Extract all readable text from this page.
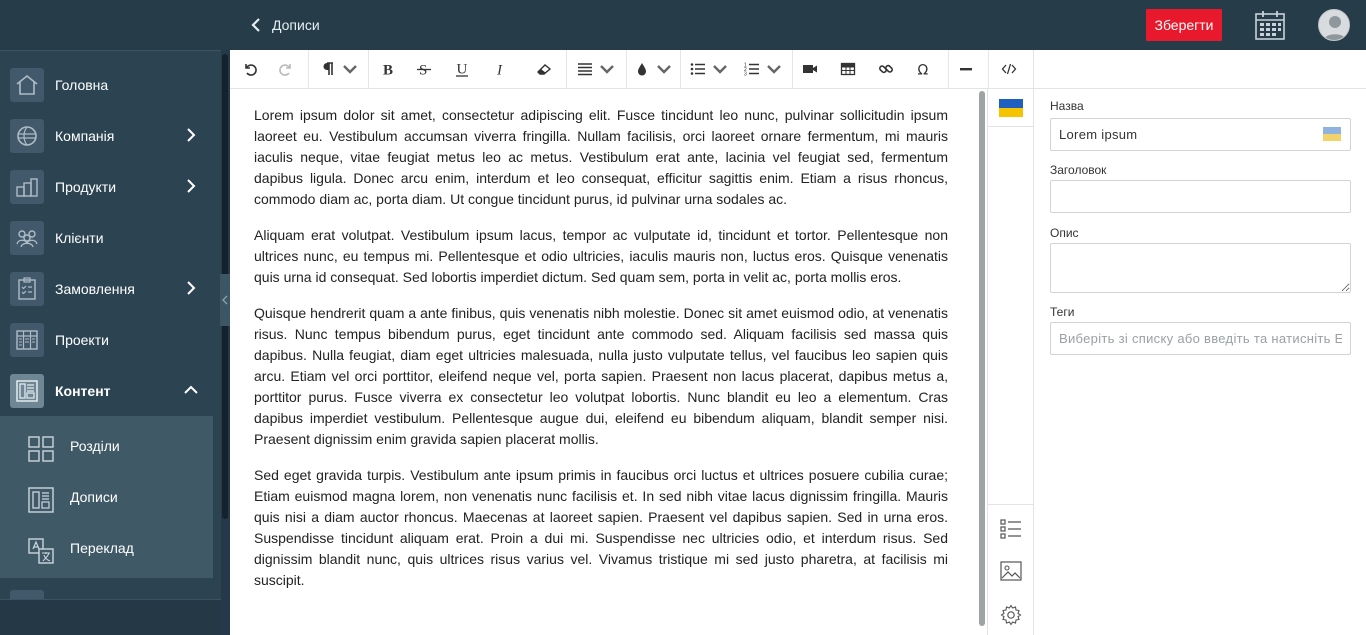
Дописи	Зберегти
Головна
Компанія
Продукти
Клієнти
Замовлення
Проекти
Контент
Розділи
Дописи
Переклад
B S U I	1
2
3	Ω

Lorem ipsum dolor sit amet, consectetur adipiscing elit. Fusce tincidunt leo nunc, pulvinar sollicitudin ipsum laoreet eu. Vestibulum accumsan viverra fringilla. Nullam facilisis, orci laoreet ornare fermentum, mi mauris iaculis neque, vitae feugiat metus leo ac metus. Vestibulum erat ante, lacinia vel feugiat sed, fermentum dapibus ligula. Donec arcu enim, interdum et leo consequat, efficitur sagittis enim. Etiam a risus rhoncus, commodo diam ac, porta diam. Ut congue tincidunt purus, id pulvinar urna sodales ac.

Aliquam erat volutpat. Vestibulum ipsum lacus, tempor ac vulputate id, tincidunt et tortor. Pellentesque non ultrices nunc, eu tempus mi. Pellentesque et odio ultricies, iaculis mauris non, luctus eros. Quisque venenatis quis urna id consequat. Sed lobortis imperdiet dictum. Sed quam sem, porta in velit ac, porta mollis eros.

Quisque hendrerit quam a ante finibus, quis venenatis nibh molestie. Donec sit amet euismod odio, at venenatis risus. Nunc tempus bibendum purus, eget tincidunt ante commodo sed. Aliquam facilisis sed massa quis dapibus. Nulla feugiat, diam eget ultricies malesuada, nulla justo vulputate tellus, vel faucibus leo sapien quis arcu. Etiam vel orci porttitor, eleifend neque vel, porta sapien. Praesent non lacus placerat, dapibus metus a, porttitor purus. Fusce viverra ex consectetur leo volutpat lobortis. Nunc blandit eu leo a elementum. Cras dapibus imperdiet vestibulum. Pellentesque augue dui, eleifend eu bibendum aliquam, blandit semper nisi. Praesent dignissim enim gravida sapien placerat mollis.

Sed eget gravida turpis. Vestibulum ante ipsum primis in faucibus orci luctus et ultrices posuere cubilia curae; Etiam euismod magna lorem, non venenatis nunc facilisis et. In sed nibh vitae lacus dignissim fringilla. Mauris quis nisi a diam auctor rhoncus. Maecenas at laoreet sapien. Praesent vel dapibus sapien. Sed in urna eros. Suspendisse tincidunt aliquam erat. Proin a dui mi. Suspendisse nec ultricies odio, et interdum risus. Sed dignissim blandit nunc, quis ultrices risus varius vel. Vivamus tristique mi sed justo pharetra, at facilisis mi suscipit.

Назва
Lorem ipsum
Заголовок
Опис
Теги
Виберіть зі списку або введіть та натисніть Enter
